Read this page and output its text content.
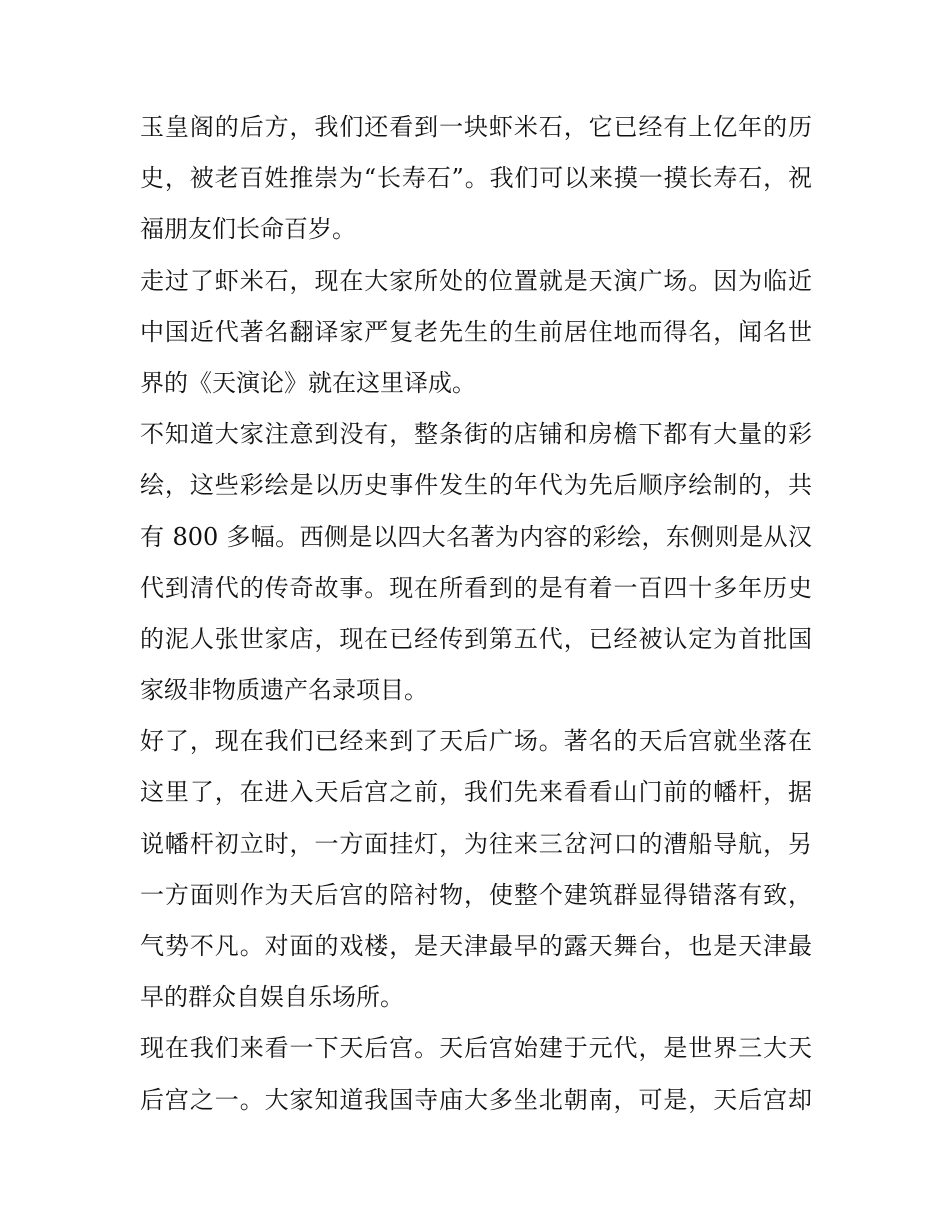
玉皇阁的后方，我们还看到一块虾米石，它已经有上亿年的历
史，被老百姓推崇为“长寿石”。我们可以来摸一摸长寿石，祝
福朋友们长命百岁。
走过了虾米石，现在大家所处的位置就是天演广场。因为临近
中国近代著名翻译家严复老先生的生前居住地而得名，闻名世
界的《天演论》就在这里译成。
不知道大家注意到没有，整条街的店铺和房檐下都有大量的彩
绘，这些彩绘是以历史事件发生的年代为先后顺序绘制的，共
有 800 多幅。西侧是以四大名著为内容的彩绘，东侧则是从汉
代到清代的传奇故事。现在所看到的是有着一百四十多年历史
的泥人张世家店，现在已经传到第五代，已经被认定为首批国
家级非物质遗产名录项目。
好了，现在我们已经来到了天后广场。著名的天后宫就坐落在
这里了，在进入天后宫之前，我们先来看看山门前的幡杆，据
说幡杆初立时，一方面挂灯，为往来三岔河口的漕船导航，另
一方面则作为天后宫的陪衬物，使整个建筑群显得错落有致，
气势不凡。对面的戏楼，是天津最早的露天舞台，也是天津最
早的群众自娱自乐场所。
现在我们来看一下天后宫。天后宫始建于元代，是世界三大天
后宫之一。大家知道我国寺庙大多坐北朝南，可是，天后宫却
